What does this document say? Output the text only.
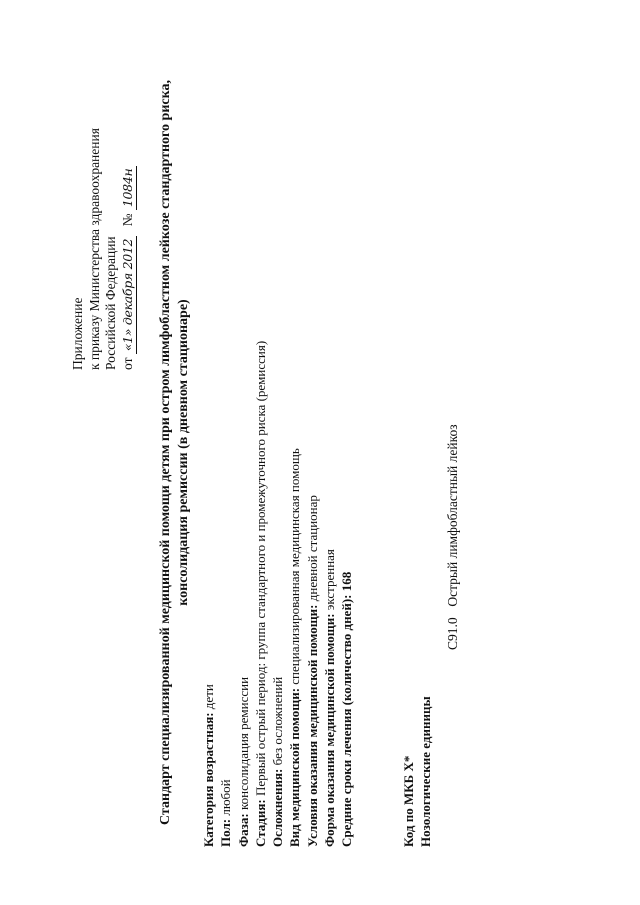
Приложение к приказу Министерства здравоохранения Российской Федерации от «1» декабря 2012 № 1084н Стандарт специализированной медицинской помощи детям при остром лимфобластном лейкозе стандартного риска, консолидация ремиссии (в дневном стационаре)
Категория возрастная: дети
Пол: любой
Фаза: консолидация ремиссии
Стадия: Первый острый период: группа стандартного и промежуточного риска (ремиссия)
Осложнения: без осложнений Вид медицинской помощи: специализированная медицинская помощь
Условия оказания медицинской помощи: дневной стационар
Форма оказания медицинской помощи: экстренная
Средние сроки лечения (количество дней): 168
Код по МКБ X* Нозологические единицы
C91.0 Острый лимфобластный лейкоз
